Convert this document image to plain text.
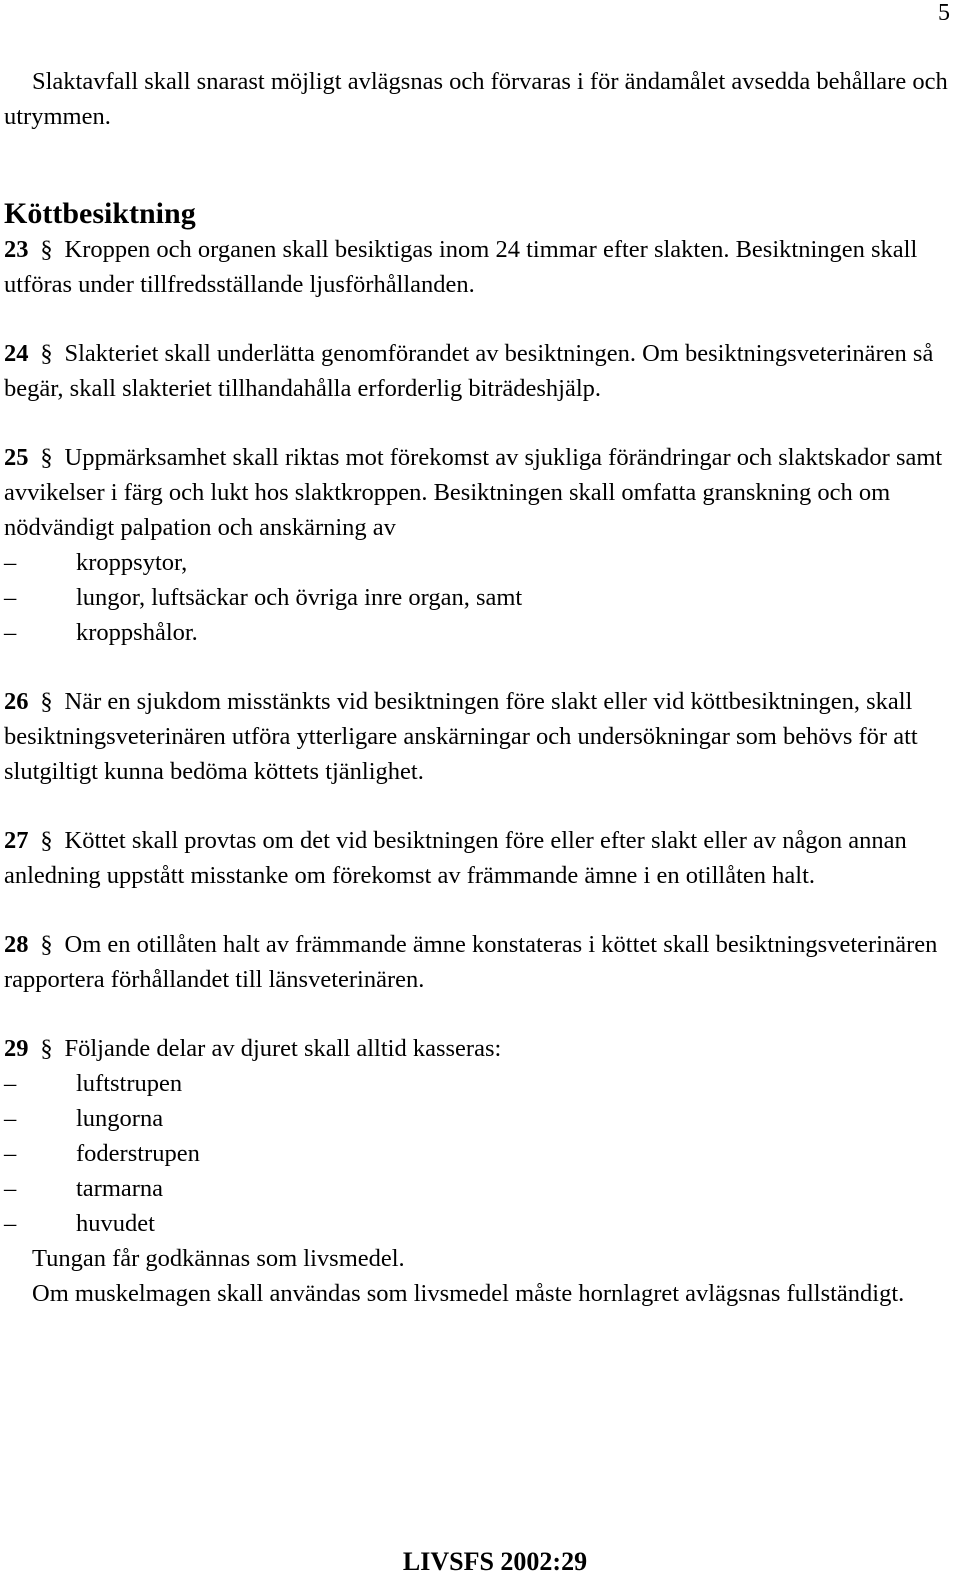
5

Slaktavfall skall snarast möjligt avlägsnas och förvaras i för ändamålet avsedda behållare och utrymmen.

Köttbesiktning

23 § Kroppen och organen skall besiktigas inom 24 timmar efter slakten. Besiktningen skall utföras under tillfredsställande ljusförhållanden.

24 § Slakteriet skall underlätta genomförandet av besiktningen. Om besiktningsveterinären så begär, skall slakteriet tillhandahålla erforderlig biträdeshjälp.

25 § Uppmärksamhet skall riktas mot förekomst av sjukliga förändringar och slaktskador samt avvikelser i färg och lukt hos slaktkroppen. Besiktningen skall omfatta granskning och om nödvändigt palpation och anskärning av

–	kroppsytor,
–	lungor, luftsäckar och övriga inre organ, samt
–	kroppshålor.

26 § När en sjukdom misstänkts vid besiktningen före slakt eller vid köttbesiktningen, skall besiktningsveterinären utföra ytterligare anskärningar och undersökningar som behövs för att slutgiltigt kunna bedöma köttets tjänlighet.

27 § Köttet skall provtas om det vid besiktningen före eller efter slakt eller av någon annan anledning uppstått misstanke om förekomst av främmande ämne i en otillåten halt.

28 § Om en otillåten halt av främmande ämne konstateras i köttet skall besiktningsveterinären rapportera förhållandet till länsveterinären.

29 § Följande delar av djuret skall alltid kasseras:

–	luftstrupen
–	lungorna
–	foderstrupen
–	tarmarna
–	huvudet

Tungan får godkännas som livsmedel.

Om muskelmagen skall användas som livsmedel måste hornlagret avlägsnas fullständigt.

LIVSFS 2002:29
